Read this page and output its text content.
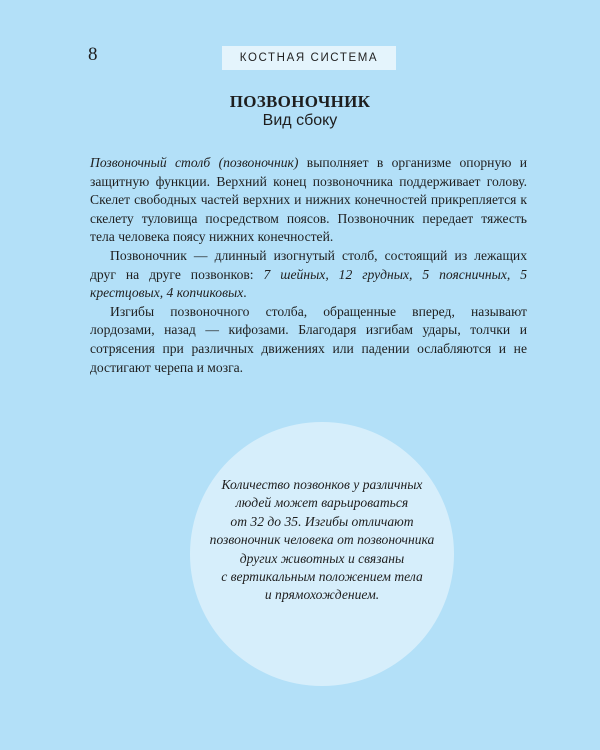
8	КОСТНАЯ СИСТЕМА
ПОЗВОНОЧНИК
Вид сбоку

Позвоночный столб (позвоночник) выполняет в организме опорную и защитную функции. Верхний конец позвоночника поддерживает голову. Скелет свободных частей верхних и нижних конечностей прикрепляется к скелету туловища посредством поясов. Позвоночник передает тяжесть тела человека поясу нижних конечностей.

Позвоночник — длинный изогнутый столб, состоящий из лежащих друг на друге позвонков: 7 шейных, 12 грудных, 5 поясничных, 5 крестцовых, 4 копчиковых.

Изгибы позвоночного столба, обращенные вперед, называют лордозами, назад — кифозами. Благодаря изгибам удары, толчки и сотрясения при различных движениях или падении ослабляются и не достигают черепа и мозга.

Количество позвонков у различных
людей может варьироваться
от 32 до 35. Изгибы отличают
позвоночник человека от позвоночника
других животных и связаны
с вертикальным положением тела
и прямохождением.
